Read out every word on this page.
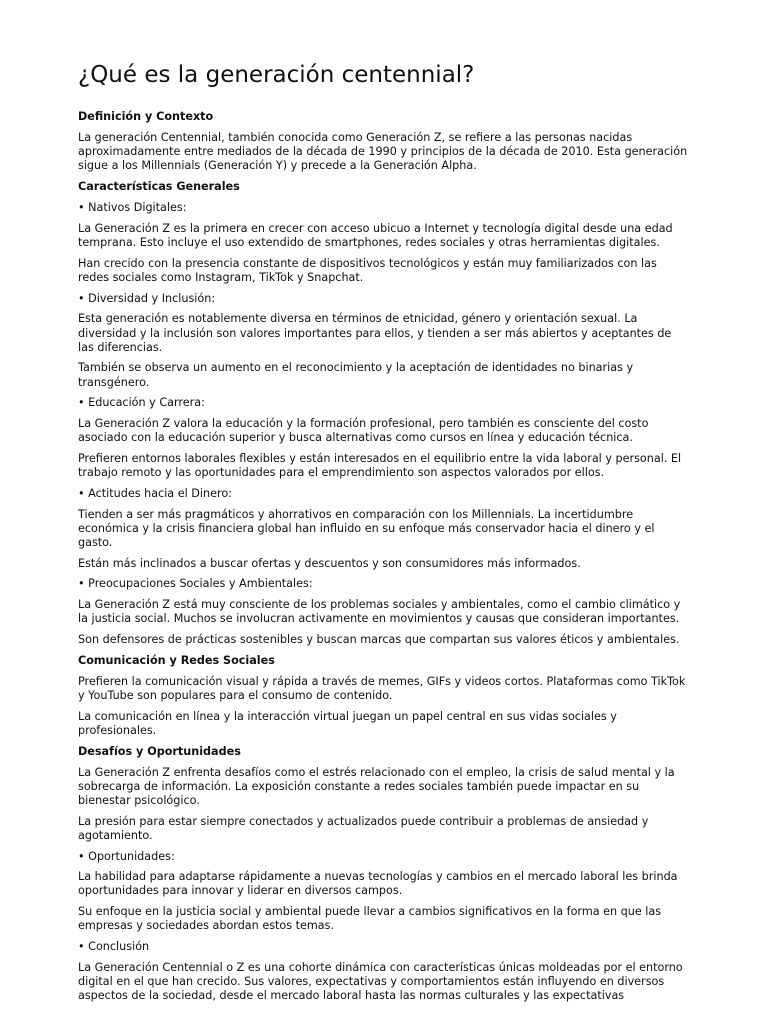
¿Qué es la generación centennial?
Definición y Contexto
La generación Centennial, también conocida como Generación Z, se refiere a las personas nacidas aproximadamente entre mediados de la década de 1990 y principios de la década de 2010. Esta generación sigue a los Millennials (Generación Y) y precede a la Generación Alpha.
Características Generales
• Nativos Digitales:
La Generación Z es la primera en crecer con acceso ubicuo a Internet y tecnología digital desde una edad temprana. Esto incluye el uso extendido de smartphones, redes sociales y otras herramientas digitales.
Han crecido con la presencia constante de dispositivos tecnológicos y están muy familiarizados con las redes sociales como Instagram, TikTok y Snapchat.
• Diversidad y Inclusión:
Esta generación es notablemente diversa en términos de etnicidad, género y orientación sexual. La diversidad y la inclusión son valores importantes para ellos, y tienden a ser más abiertos y aceptantes de las diferencias.
También se observa un aumento en el reconocimiento y la aceptación de identidades no binarias y transgénero.
• Educación y Carrera:
La Generación Z valora la educación y la formación profesional, pero también es consciente del costo asociado con la educación superior y busca alternativas como cursos en línea y educación técnica.
Prefieren entornos laborales flexibles y están interesados en el equilibrio entre la vida laboral y personal. El trabajo remoto y las oportunidades para el emprendimiento son aspectos valorados por ellos.
• Actitudes hacia el Dinero:
Tienden a ser más pragmáticos y ahorrativos en comparación con los Millennials. La incertidumbre económica y la crisis financiera global han influido en su enfoque más conservador hacia el dinero y el gasto.
Están más inclinados a buscar ofertas y descuentos y son consumidores más informados.
• Preocupaciones Sociales y Ambientales:
La Generación Z está muy consciente de los problemas sociales y ambientales, como el cambio climático y la justicia social. Muchos se involucran activamente en movimientos y causas que consideran importantes.
Son defensores de prácticas sostenibles y buscan marcas que compartan sus valores éticos y ambientales.
Comunicación y Redes Sociales
Prefieren la comunicación visual y rápida a través de memes, GIFs y videos cortos. Plataformas como TikTok y YouTube son populares para el consumo de contenido.
La comunicación en línea y la interacción virtual juegan un papel central en sus vidas sociales y profesionales.
Desafíos y Oportunidades
La Generación Z enfrenta desafíos como el estrés relacionado con el empleo, la crisis de salud mental y la sobrecarga de información. La exposición constante a redes sociales también puede impactar en su bienestar psicológico.
La presión para estar siempre conectados y actualizados puede contribuir a problemas de ansiedad y agotamiento.
• Oportunidades:
La habilidad para adaptarse rápidamente a nuevas tecnologías y cambios en el mercado laboral les brinda oportunidades para innovar y liderar en diversos campos.
Su enfoque en la justicia social y ambiental puede llevar a cambios significativos en la forma en que las empresas y sociedades abordan estos temas.
• Conclusión
La Generación Centennial o Z es una cohorte dinámica con características únicas moldeadas por el entorno digital en el que han crecido. Sus valores, expectativas y comportamientos están influyendo en diversos aspectos de la sociedad, desde el mercado laboral hasta las normas culturales y las expectativas
